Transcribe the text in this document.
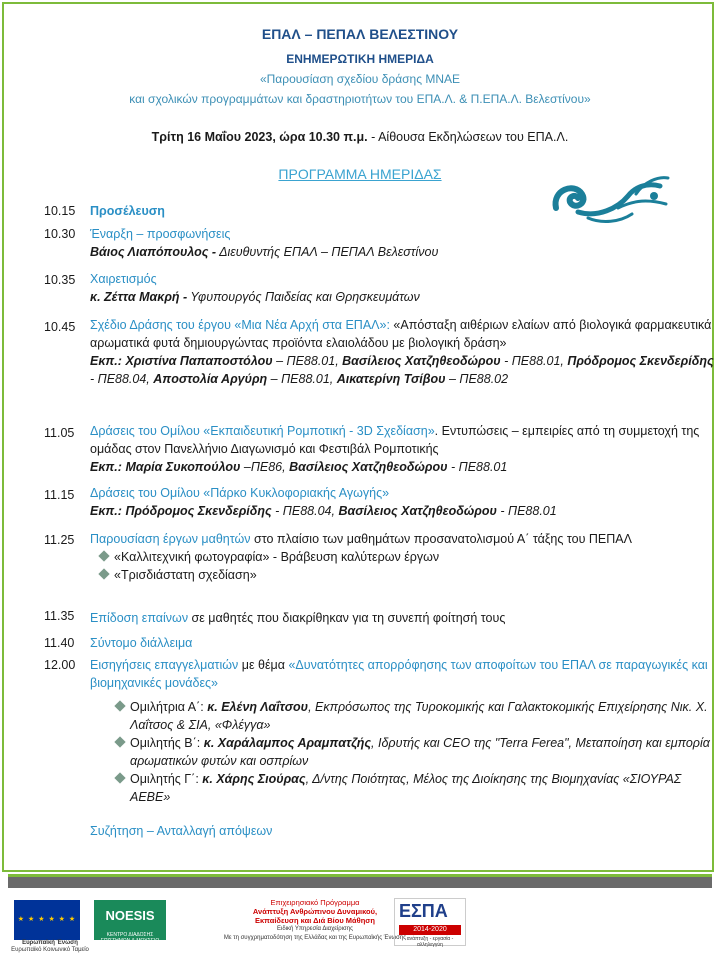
ΕΠΑΛ – ΠΕΠΑΛ ΒΕΛΕΣΤΙΝΟΥ
ΕΝΗΜΕΡΩΤΙΚΗ ΗΜΕΡΙΔΑ
«Παρουσίαση σχεδίου δράσης ΜΝΑΕ
και σχολικών προγραμμάτων και δραστηριοτήτων του ΕΠΑ.Λ. & Π.ΕΠΑ.Λ. Βελεστίνου»
Τρίτη 16 Μαΐου 2023, ώρα 10.30 π.μ. - Αίθουσα Εκδηλώσεων του ΕΠΑ.Λ.
ΠΡΟΓΡΑΜΜΑ ΗΜΕΡΙΔΑΣ
10.15 Προσέλευση
10.30 Έναρξη – προσφωνήσεις
Βάιος Λιαπόπουλος - Διευθυντής ΕΠΑΛ – ΠΕΠΑΛ Βελεστίνου
10.35 Χαιρετισμός
κ. Ζέττα Μακρή - Υφυπουργός Παιδείας και Θρησκευμάτων
10.45 Σχέδιο Δράσης του έργου «Μια Νέα Αρχή στα ΕΠΑΛ»: «Απόσταξη αιθέριων ελαίων από βιολογικά φαρμακευτικά αρωματικά φυτά δημιουργώντας προϊόντα ελαιολάδου με βιολογική δράση»
Εκπ.: Χριστίνα Παπαποστόλου – ΠΕ88.01, Βασίλειος Χατζηθεοδώρου - ΠΕ88.01, Πρόδρομος Σκενδερίδης - ΠΕ88.04, Αποστολία Αργύρη – ΠΕ88.01, Αικατερίνη Τσίβου – ΠΕ88.02
11.05 Δράσεις του Ομίλου «Εκπαιδευτική Ρομποτική - 3D Σχεδίαση». Εντυπώσεις – εμπειρίες από τη συμμετοχή της ομάδας στον Πανελλήνιο Διαγωνισμό και Φεστιβάλ Ρομποτικής
Εκπ.: Μαρία Συκοπούλου –ΠΕ86, Βασίλειος Χατζηθεοδώρου - ΠΕ88.01
11.15 Δράσεις του Ομίλου «Πάρκο Κυκλοφοριακής Αγωγής»
Εκπ.: Πρόδρομος Σκενδερίδης - ΠΕ88.04, Βασίλειος Χατζηθεοδώρου - ΠΕ88.01
11.25 Παρουσίαση έργων μαθητών στο πλαίσιο των μαθημάτων προσανατολισμού Α΄ τάξης του ΠΕΠΑΛ
«Καλλιτεχνική φωτογραφία» - Βράβευση καλύτερων έργων
«Τρισδιάστατη σχεδίαση»
11.35 Επίδοση επαίνων σε μαθητές που διακρίθηκαν για τη συνεπή φοίτησή τους
11.40 Σύντομο διάλλειμα
12.00 Εισηγήσεις επαγγελματιών με θέμα «Δυνατότητες απορρόφησης των αποφοίτων του ΕΠΑΛ σε παραγωγικές και βιομηχανικές μονάδες»
Ομιλήτρια Α΄: κ. Ελένη Λαΐτσου, Εκπρόσωπος της Τυροκομικής και Γαλακτοκομικής Επιχείρησης Νικ. Χ. Λαΐτσος & ΣΙΑ, «Φλέγγα»
Ομιλητής Β΄: κ. Χαράλαμπος Αραμπατζής, Ιδρυτής και CEO της "Terra Ferea", Μεταποίηση και εμπορία αρωματικών φυτών και οσπρίων
Ομιλητής Γ΄: κ. Χάρης Σιούρας, Δ/ντης Ποιότητας, Μέλος της Διοίκησης της Βιομηχανίας «ΣΙΟΥΡΑΣ ΑΕΒΕ»
Συζήτηση – Ανταλλαγή απόψεων
★ ★ ★ ★ ★ ★
Ευρωπαϊκή Ένωση
Ευρωπαϊκό Κοινωνικό Ταμείο
NOESIS
ΚΕΝΤΡΟ ΔΙΑΔΟΣΗΣ ΕΠΙΣΤΗΜΩΝ & ΜΟΥΣΕΙΟ ΤΕΧΝΟΛΟΓΙΑΣ
Επιχειρησιακό Πρόγραμμα
Ανάπτυξη Ανθρώπινου Δυναμικού,
Εκπαίδευση και Διά Βίου Μάθηση
Ειδική Υπηρεσία Διαχείρισης
Με τη συγχρηματοδότηση της Ελλάδας και της Ευρωπαϊκής Ένωσης
ΕΣΠΑ
2014-2020
ανάπτυξη - εργασία - αλληλεγγύη
